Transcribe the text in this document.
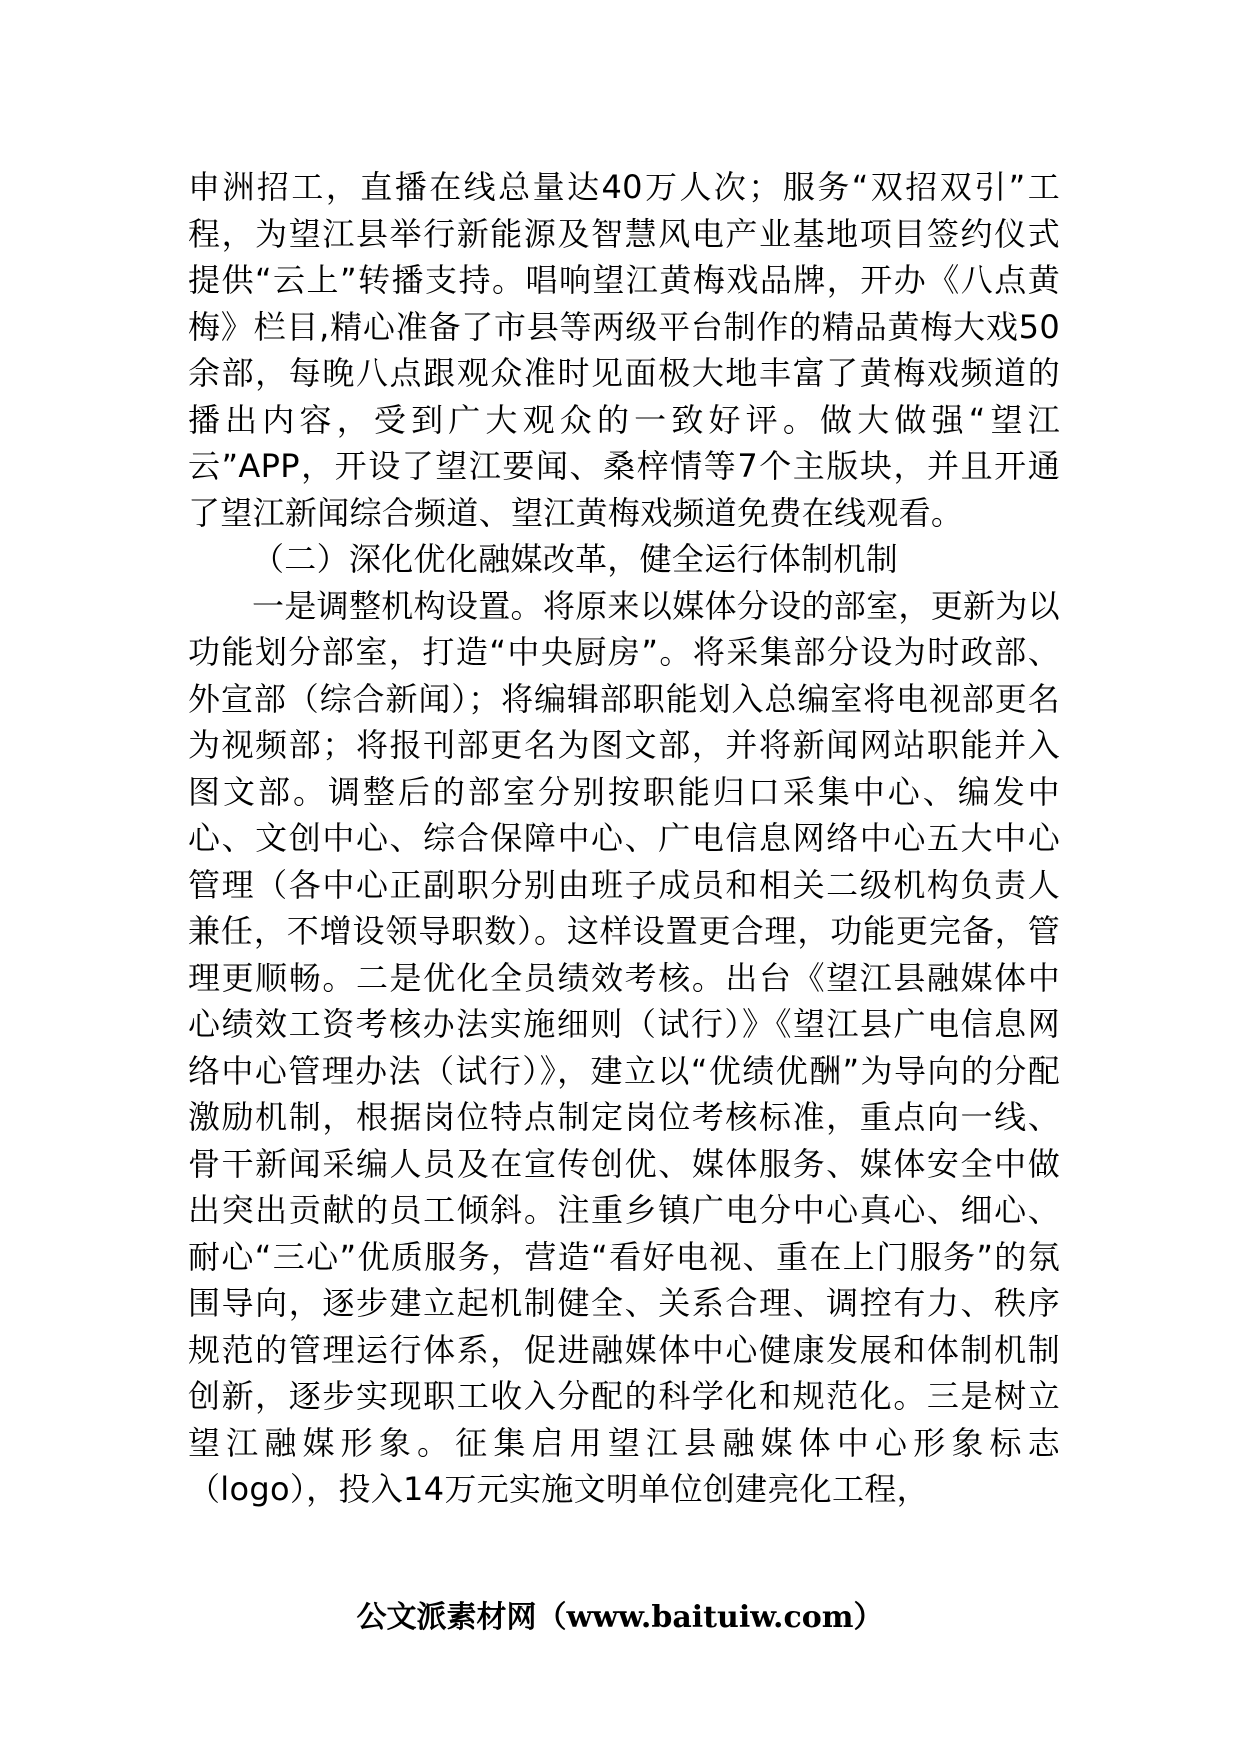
申洲招工，直播在线总量达40万人次；服务“双招双引”工程，为望江县举行新能源及智慧风电产业基地项目签约仪式提供“云上”转播支持。唱响望江黄梅戏品牌，开办《八点黄梅》栏目,精心准备了市县等两级平台制作的精品黄梅大戏50余部，每晚八点跟观众准时见面极大地丰富了黄梅戏频道的播出内容，受到广大观众的一致好评。做大做强“望江云”APP，开设了望江要闻、桑梓情等7个主版块，并且开通了望江新闻综合频道、望江黄梅戏频道免费在线观看。

（二）深化优化融媒改革，健全运行体制机制

一是调整机构设置。将原来以媒体分设的部室，更新为以功能划分部室，打造“中央厨房”。将采集部分设为时政部、外宣部（综合新闻）；将编辑部职能划入总编室将电视部更名为视频部；将报刊部更名为图文部，并将新闻网站职能并入图文部。调整后的部室分别按职能归口采集中心、编发中心、文创中心、综合保障中心、广电信息网络中心五大中心管理（各中心正副职分别由班子成员和相关二级机构负责人兼任，不增设领导职数）。这样设置更合理，功能更完备，管理更顺畅。二是优化全员绩效考核。出台《望江县融媒体中心绩效工资考核办法实施细则（试行）》《望江县广电信息网络中心管理办法（试行）》，建立以“优绩优酬”为导向的分配激励机制，根据岗位特点制定岗位考核标准，重点向一线、骨干新闻采编人员及在宣传创优、媒体服务、媒体安全中做出突出贡献的员工倾斜。注重乡镇广电分中心真心、细心、耐心“三心”优质服务，营造“看好电视、重在上门服务”的氛围导向，逐步建立起机制健全、关系合理、调控有力、秩序规范的管理运行体系，促进融媒体中心健康发展和体制机制创新，逐步实现职工收入分配的科学化和规范化。三是树立望江融媒形象。征集启用望江县融媒体中心形象标志（logo），投入14万元实施文明单位创建亮化工程，

公文派素材网（www.baituiw.com）
